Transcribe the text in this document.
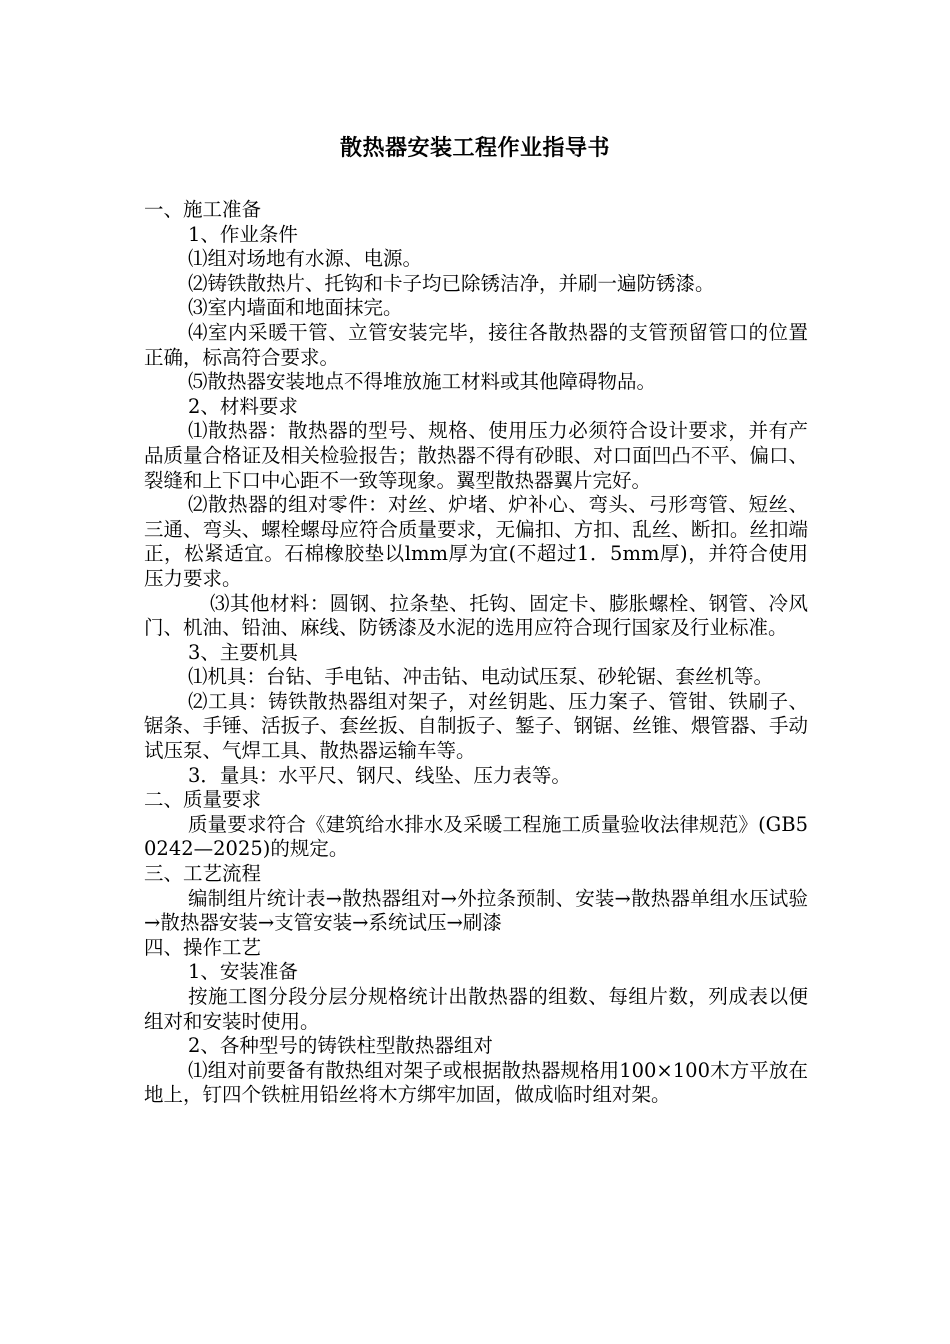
散热器安装工程作业指导书

一、施工准备

1、作业条件

⑴组对场地有水源、电源。

⑵铸铁散热片、托钩和卡子均已除锈洁净，并刷一遍防锈漆。

⑶室内墙面和地面抹完。

⑷室内采暖干管、立管安装完毕，接往各散热器的支管预留管口的位置正确，标高符合要求。

⑸散热器安装地点不得堆放施工材料或其他障碍物品。

2、材料要求

⑴散热器：散热器的型号、规格、使用压力必须符合设计要求，并有产品质量合格证及相关检验报告；散热器不得有砂眼、对口面凹凸不平、偏口、裂缝和上下口中心距不一致等现象。翼型散热器翼片完好。

⑵散热器的组对零件：对丝、炉堵、炉补心、弯头、弓形弯管、短丝、三通、弯头、螺栓螺母应符合质量要求，无偏扣、方扣、乱丝、断扣。丝扣端正，松紧适宜。石棉橡胶垫以lmm厚为宜(不超过1．5mm厚)，并符合使用压力要求。

⑶其他材料：圆钢、拉条垫、托钩、固定卡、膨胀螺栓、钢管、冷风门、机油、铅油、麻线、防锈漆及水泥的选用应符合现行国家及行业标准。

3、主要机具

⑴机具：台钻、手电钻、冲击钻、电动试压泵、砂轮锯、套丝机等。

⑵工具：铸铁散热器组对架子，对丝钥匙、压力案子、管钳、铁刷子、锯条、手锤、活扳子、套丝扳、自制扳子、錾子、钢锯、丝锥、煨管器、手动试压泵、气焊工具、散热器运输车等。

3．量具：水平尺、钢尺、线坠、压力表等。

二、质量要求

质量要求符合《建筑给水排水及采暖工程施工质量验收法律规范》(GB50242—2025)的规定。

三、工艺流程

编制组片统计表→散热器组对→外拉条预制、安装→散热器单组水压试验→散热器安装→支管安装→系统试压→刷漆

四、操作工艺

1、安装准备

按施工图分段分层分规格统计出散热器的组数、每组片数，列成表以便组对和安装时使用。

2、各种型号的铸铁柱型散热器组对

⑴组对前要备有散热组对架子或根据散热器规格用100×100木方平放在地上，钉四个铁桩用铅丝将木方绑牢加固，做成临时组对架。
